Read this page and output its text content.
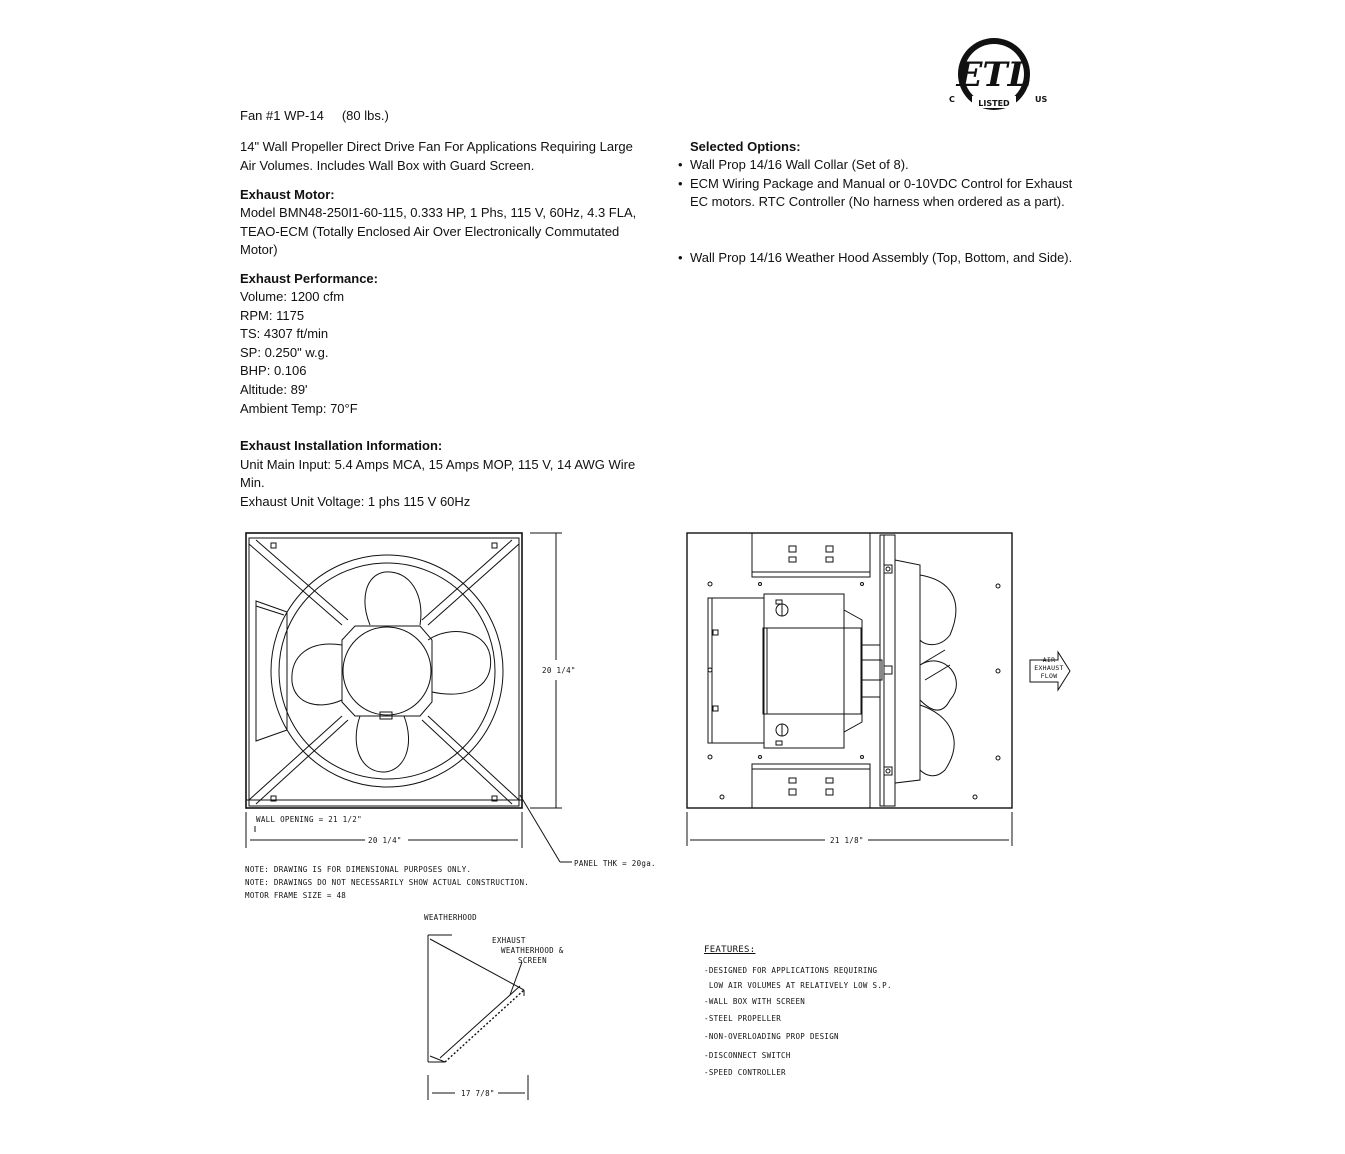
ETL
LISTED
C	US
Fan #1 WP-14 (80 lbs.)
14" Wall Propeller Direct Drive Fan For Applications Requiring Large Air Volumes. Includes Wall Box with Guard Screen.
Exhaust Motor:
Model BMN48-250I1-60-115, 0.333 HP, 1 Phs, 115 V, 60Hz, 4.3 FLA,
TEAO-ECM (Totally Enclosed Air Over Electronically Commutated
Motor)
Exhaust Performance:
Volume: 1200 cfm
RPM: 1175
TS: 4307 ft/min
SP: 0.250" w.g.
BHP: 0.106
Altitude: 89'
Ambient Temp: 70°F
Exhaust Installation Information:
Unit Main Input: 5.4 Amps MCA, 15 Amps MOP, 115 V, 14 AWG Wire
Min.
Exhaust Unit Voltage: 1 phs 115 V 60Hz
Selected Options:
• Wall Prop 14/16 Wall Collar (Set of 8).
• ECM Wiring Package and Manual or 0-10VDC Control for Exhaust
EC motors. RTC Controller (No harness when ordered as a part).
• Wall Prop 14/16 Weather Hood Assembly (Top, Bottom, and Side).
20 1/4"
WALL OPENING = 21 1/2"
20 1/4"
PANEL THK = 20ga.
21 1/8"
AIR
EXHAUST
FLOW
NOTE: DRAWING IS FOR DIMENSIONAL PURPOSES ONLY.
NOTE: DRAWINGS DO NOT NECESSARILY SHOW ACTUAL CONSTRUCTION.
MOTOR FRAME SIZE = 48
WEATHERHOOD
EXHAUST
WEATHERHOOD &
SCREEN
17 7/8"
FEATURES:
-DESIGNED FOR APPLICATIONS REQUIRING
LOW AIR VOLUMES AT RELATIVELY LOW S.P.
-WALL BOX WITH SCREEN
-STEEL PROPELLER
-NON-OVERLOADING PROP DESIGN
-DISCONNECT SWITCH
-SPEED CONTROLLER
